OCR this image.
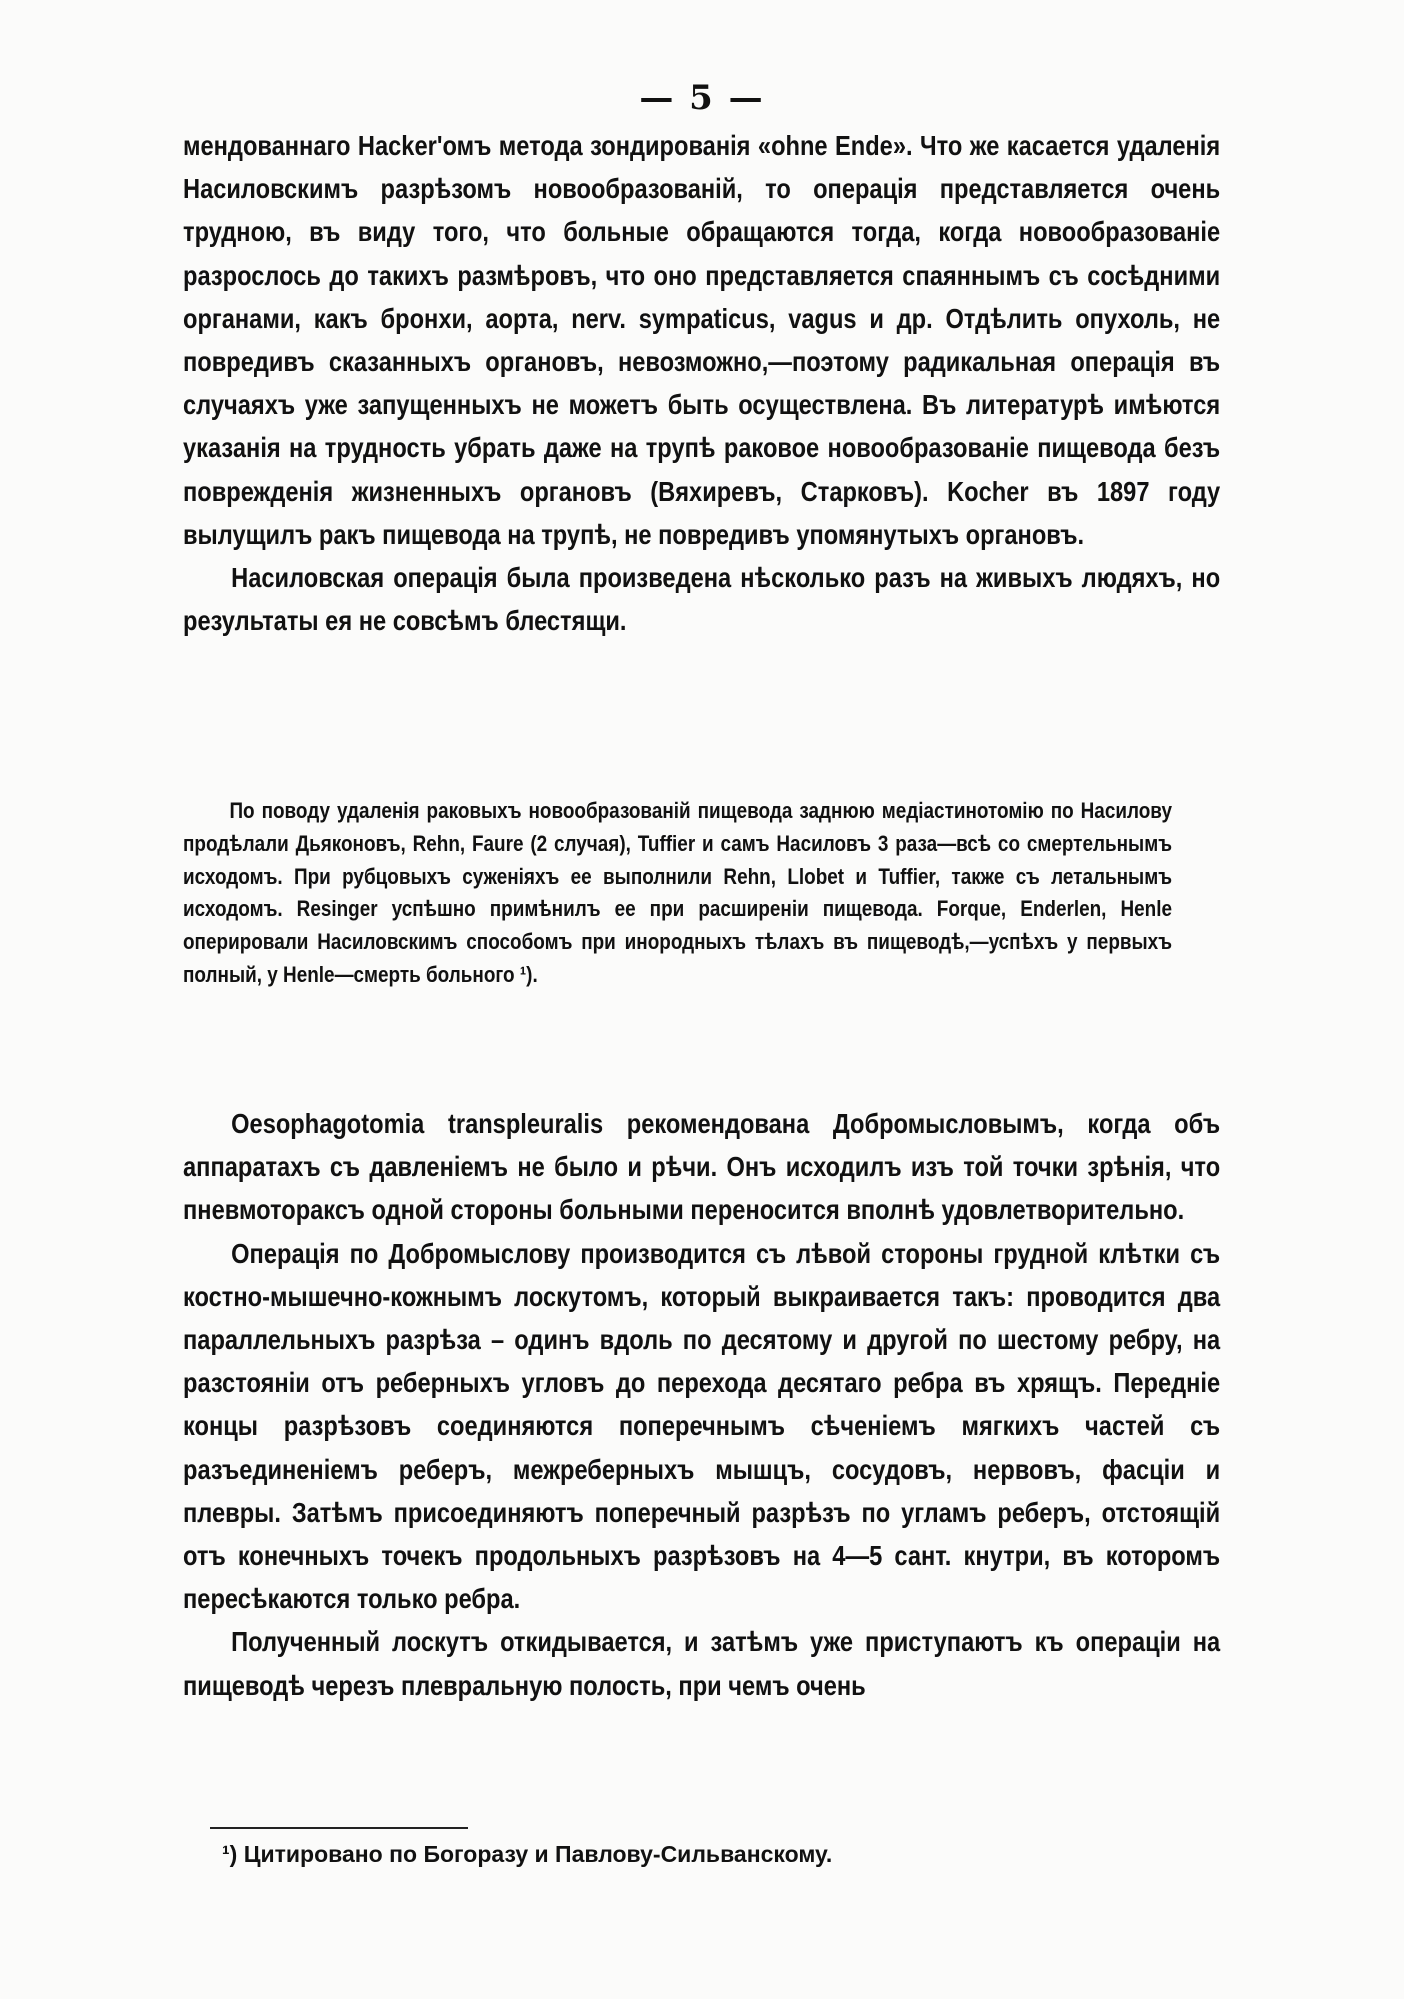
— 5 —

мендованнаго Hacker'омъ метода зондированія «ohne Ende». Что же касается удаленія Насиловскимъ разрѣзомъ новообразованій, то операція представляется очень трудною, въ виду того, что больные обращаются тогда, когда новообразованіе разрослось до такихъ размѣровъ, что оно представляется спаяннымъ съ сосѣдними органами, какъ бронхи, аорта, nerv. sympaticus, vagus и др. Отдѣлить опухоль, не повредивъ сказанныхъ органовъ, невозможно,—поэтому радикальная операція въ случаяхъ уже запущенныхъ не можетъ быть осуществлена. Въ литературѣ имѣются указанія на трудность убрать даже на трупѣ раковое новообразованіе пищевода безъ поврежденія жизненныхъ органовъ (Вяхиревъ, Старковъ). Kocher въ 1897 году вылущилъ ракъ пищевода на трупѣ, не повредивъ упомянутыхъ органовъ.

Насиловская операція была произведена нѣсколько разъ на живыхъ людяхъ, но результаты ея не совсѣмъ блестящи.

По поводу удаленія раковыхъ новообразованій пищевода заднюю медіастинотомію по Насилову продѣлали Дьяконовъ, Rehn, Faure (2 случая), Tuffier и самъ Насиловъ 3 раза—всѣ со смертельнымъ исходомъ. При рубцовыхъ суженіяхъ ее выполнили Rehn, Llobet и Tuffier, также съ летальнымъ исходомъ. Resinger успѣшно примѣнилъ ее при расширеніи пищевода. Forque, Enderlen, Henle оперировали Насиловскимъ способомъ при инородныхъ тѣлахъ въ пищеводѣ,—успѣхъ у первыхъ полный, у Henle—смерть больного ¹).

Oesophagotomia transpleuralis рекомендована Добромысловымъ, когда объ аппаратахъ съ давленіемъ не было и рѣчи. Онъ исходилъ изъ той точки зрѣнія, что пневмотораксъ одной стороны больными переносится вполнѣ удовлетворительно.

Операція по Добромыслову производится съ лѣвой стороны грудной клѣтки съ костно-мышечно-кожнымъ лоскутомъ, который выкраивается такъ: проводится два параллельныхъ разрѣза – одинъ вдоль по десятому и другой по шестому ребру, на разстояніи отъ реберныхъ угловъ до перехода десятаго ребра въ хрящъ. Передніе концы разрѣзовъ соединяются поперечнымъ сѣченіемъ мягкихъ частей съ разъединеніемъ реберъ, межреберныхъ мышцъ, сосудовъ, нервовъ, фасціи и плевры. Затѣмъ присоединяютъ поперечный разрѣзъ по угламъ реберъ, отстоящій отъ конечныхъ точекъ продольныхъ разрѣзовъ на 4—5 сант. кнутри, въ которомъ пересѣкаются только ребра.

Полученный лоскутъ откидывается, и затѣмъ уже приступаютъ къ операціи на пищеводѣ черезъ плевральную полость, при чемъ очень

¹) Цитировано по Богоразу и Павлову-Сильванскому.
